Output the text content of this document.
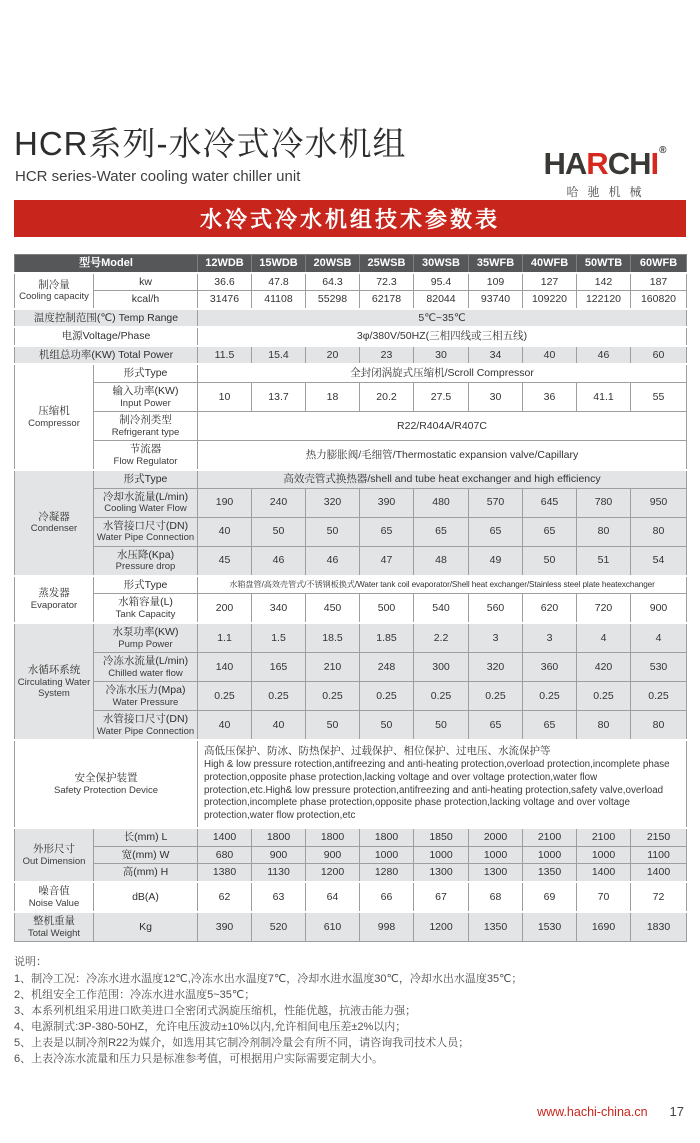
HARCHI®
哈驰机械
HCR系列-水冷式冷水机组
HCR series-Water cooling water chiller unit
水冷式冷水机组技术参数表
型号Model		12WDB	15WDB	20WSB	25WSB	30WSB	35WFB	40WFB	50WTB	60WFB

制冷量
Cooling capacity	kw	36.6	47.8	64.3	72.3	95.4	109	127	142	187

	kcal/h	31476	41108	55298	62178	82044	93740	109220	122120	160820

温度控制范围(℃) Temp Range		5℃~35℃								

电源Voltage/Phase		3φ/380V/50HZ(三相四线或三相五线)								

机组总功率(KW) Total Power		11.5	15.4	20	23	30	34	40	46	60

压缩机
Compressor	形式Type	全封闭涡旋式压缩机/Scroll Compressor								

	输入功率(KW)
Input Power	10	13.7	18	20.2	27.5	30	36	41.1	55

	制冷剂类型
Refrigerant type	R22/R404A/R407C								

	节流器
Flow Regulator	热力膨胀阀/毛细管/Thermostatic expansion valve/Capillary								

冷凝器
Condenser	形式Type	高效壳管式换热器/shell and tube heat exchanger and high efficiency								

	冷却水流量(L/min)
Cooling Water Flow	190	240	320	390	480	570	645	780	950

	水管接口尺寸(DN)
Water Pipe Connection	40	50	50	65	65	65	65	80	80

	水压降(Kpa)
Pressure drop	45	46	46	47	48	49	50	51	54

蒸发器
Evaporator	形式Type	水箱盘管/高效壳管式/不锈钢板换式/Water tank coil evaporator/Shell heat exchanger/Stainless steel plate heatexchanger								

	水箱容量(L)
Tank Capacity	200	340	450	500	540	560	620	720	900

水循环系统
Circulating Water System

水泵功率(KW)
Pump Power
	1.1	1.5	18.5	1.85	2.2	3	3	4	4

	冷冻水流量(L/min)
Chilled water flow	140	165	210	248	300	320	360	420	530

	冷冻水压力(Mpa)
Water Pressure	0.25	0.25	0.25	0.25	0.25	0.25	0.25	0.25	0.25

	水管接口尺寸(DN)
Water Pipe Connection	40	40	50	50	50	65	65	80	80

安全保护装置
Safety Protection Device

高低压保护、防冰、防热保护、过载保护、相位保护、过电压、水流保护等
High & low pressure rotection,antifreezing and anti-heating protection,overload protection,incomplete phase protection,opposite phase protection,lacking voltage and over voltage protection,water flow protection,etc.High& low pressure protection,antifreezing and anti-heating protection,safety valve,overload protection,incomplete phase protection,opposite phase protection,lacking voltage and over voltage protection,water flow protection,etc

外形尺寸
Out Dimension	长(mm) L	1400	1800	1800	1800	1850	2000	2100	2100	2150

	宽(mm) W	680	900	900	1000	1000	1000	1000	1000	1100

	高(mm) H	1380	1130	1200	1280	1300	1300	1350	1400	1400

噪音值
Noise Value	dB(A)	62	63	64	66	67	68	69	70	72

整机重量
Total Weight	Kg	390	520	610	998	1200	1350	1530	1690	1830
说明：
1、制冷工况：冷冻水进水温度12℃,冷冻水出水温度7℃，冷却水进水温度30℃，冷却水出水温度35℃；
2、机组安全工作范围：冷冻水进水温度5~35℃；
3、本系列机组采用进口欧美进口全密闭式涡旋压缩机，性能优越，抗液击能力强；
4、电源制式:3P-380-50HZ，允许电压波动±10%以内,允许相间电压差±2%以内；
5、上表是以制冷剂R22为媒介，如选用其它制冷剂制冷量会有所不同，请咨询我司技术人员；
6、上表冷冻水流量和压力只是标准参考值，可根据用户实际需要定制大小。
www.hachi-china.cn 17
